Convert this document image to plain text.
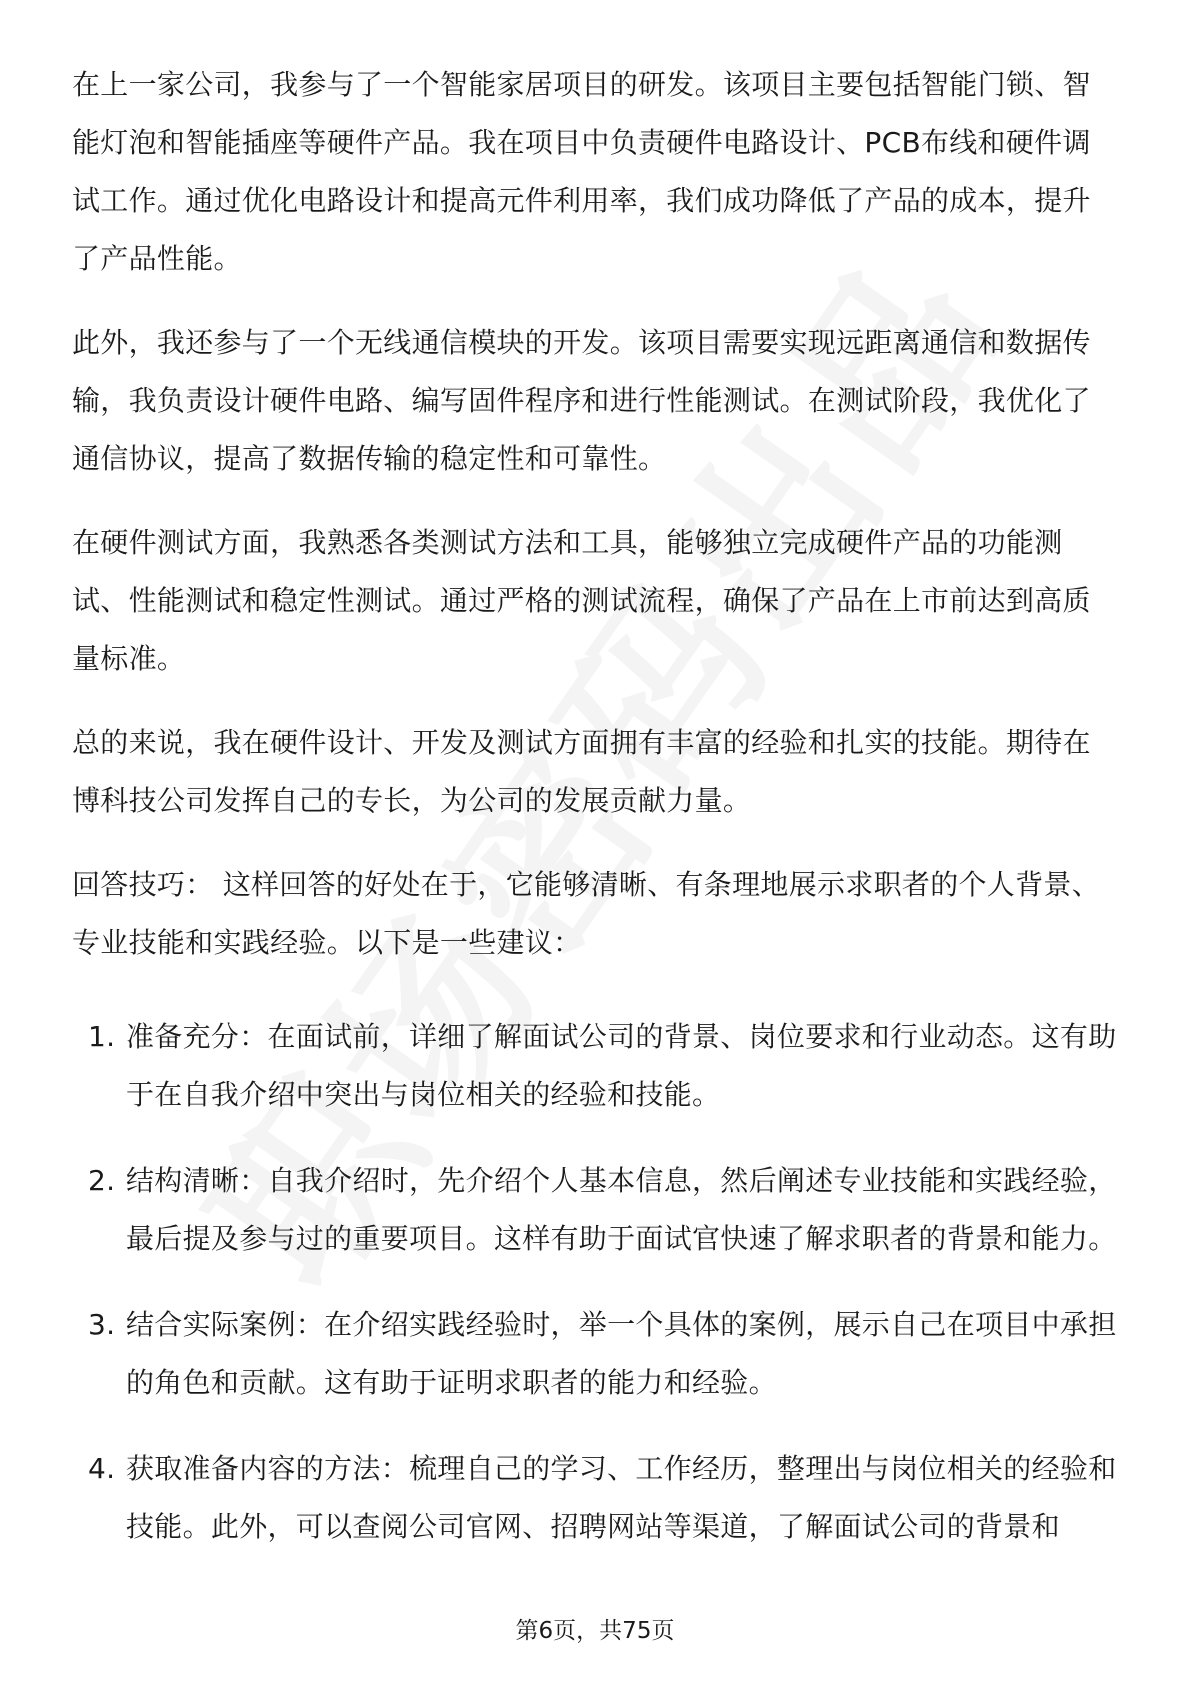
在上一家公司，我参与了一个智能家居项目的研发。该项目主要包括智能门锁、智能灯泡和智能插座等硬件产品。我在项目中负责硬件电路设计、PCB布线和硬件调试工作。通过优化电路设计和提高元件利用率，我们成功降低了产品的成本，提升了产品性能。

此外，我还参与了一个无线通信模块的开发。该项目需要实现远距离通信和数据传输，我负责设计硬件电路、编写固件程序和进行性能测试。在测试阶段，我优化了通信协议，提高了数据传输的稳定性和可靠性。

在硬件测试方面，我熟悉各类测试方法和工具，能够独立完成硬件产品的功能测试、性能测试和稳定性测试。通过严格的测试流程，确保了产品在上市前达到高质量标准。

总的来说，我在硬件设计、开发及测试方面拥有丰富的经验和扎实的技能。期待在博科技公司发挥自己的专长，为公司的发展贡献力量。

回答技巧： 这样回答的好处在于，它能够清晰、有条理地展示求职者的个人背景、专业技能和实践经验。以下是一些建议：

1. 准备充分：在面试前，详细了解面试公司的背景、岗位要求和行业动态。这有助于在自我介绍中突出与岗位相关的经验和技能。
2. 结构清晰：自我介绍时，先介绍个人基本信息，然后阐述专业技能和实践经验，最后提及参与过的重要项目。这样有助于面试官快速了解求职者的背景和能力。
3. 结合实际案例：在介绍实践经验时，举一个具体的案例，展示自己在项目中承担的角色和贡献。这有助于证明求职者的能力和经验。
4. 获取准备内容的方法：梳理自己的学习、工作经历，整理出与岗位相关的经验和技能。此外，可以查阅公司官网、招聘网站等渠道，了解面试公司的背景和
第6页，共75页
